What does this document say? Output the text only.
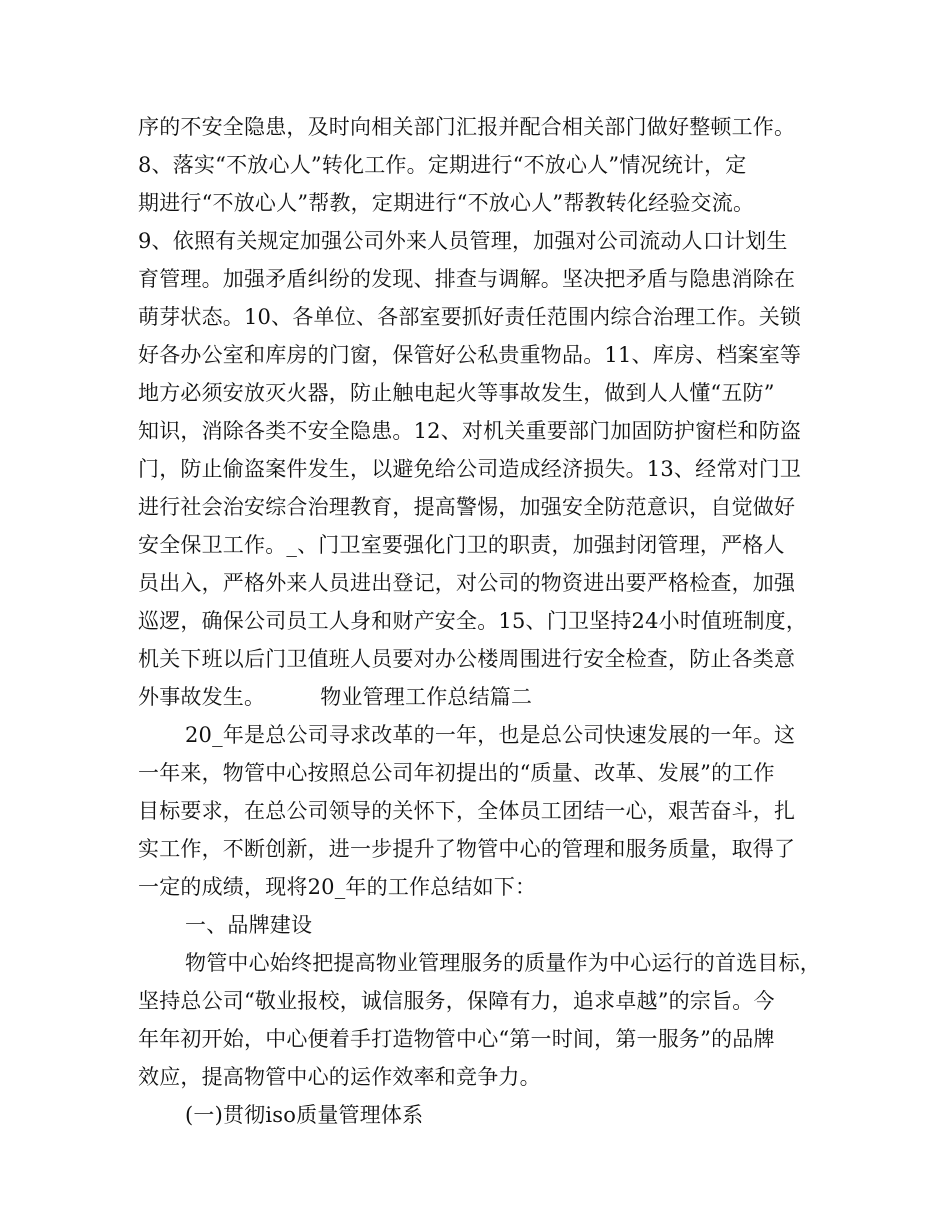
序的不安全隐患，及时向相关部门汇报并配合相关部门做好整顿工作。
8、落实“不放心人”转化工作。定期进行“不放心人”情况统计，定
期进行“不放心人”帮教，定期进行“不放心人”帮教转化经验交流。
9、依照有关规定加强公司外来人员管理，加强对公司流动人口计划生
育管理。加强矛盾纠纷的发现、排查与调解。坚决把矛盾与隐患消除在
萌芽状态。10、各单位、各部室要抓好责任范围内综合治理工作。关锁
好各办公室和库房的门窗，保管好公私贵重物品。11、库房、档案室等
地方必须安放灭火器，防止触电起火等事故发生，做到人人懂“五防”
知识，消除各类不安全隐患。12、对机关重要部门加固防护窗栏和防盗
门，防止偷盗案件发生，以避免给公司造成经济损失。13、经常对门卫
进行社会治安综合治理教育，提高警惕，加强安全防范意识，自觉做好
安全保卫工作。_、门卫室要强化门卫的职责，加强封闭管理，严格人
员出入，严格外来人员进出登记，对公司的物资进出要严格检查，加强
巡逻，确保公司员工人身和财产安全。15、门卫坚持24小时值班制度，
机关下班以后门卫值班人员要对办公楼周围进行安全检查，防止各类意
外事故发生。        物业管理工作总结篇二
20_年是总公司寻求改革的一年，也是总公司快速发展的一年。这
一年来，物管中心按照总公司年初提出的“质量、改革、发展”的工作
目标要求，在总公司领导的关怀下，全体员工团结一心，艰苦奋斗，扎
实工作，不断创新，进一步提升了物管中心的管理和服务质量，取得了
一定的成绩，现将20_年的工作总结如下：
一、品牌建设
物管中心始终把提高物业管理服务的质量作为中心运行的首选目标，
坚持总公司“敬业报校，诚信服务，保障有力，追求卓越”的宗旨。今
年年初开始，中心便着手打造物管中心“第一时间，第一服务”的品牌
效应，提高物管中心的运作效率和竞争力。
(一)贯彻iso质量管理体系
